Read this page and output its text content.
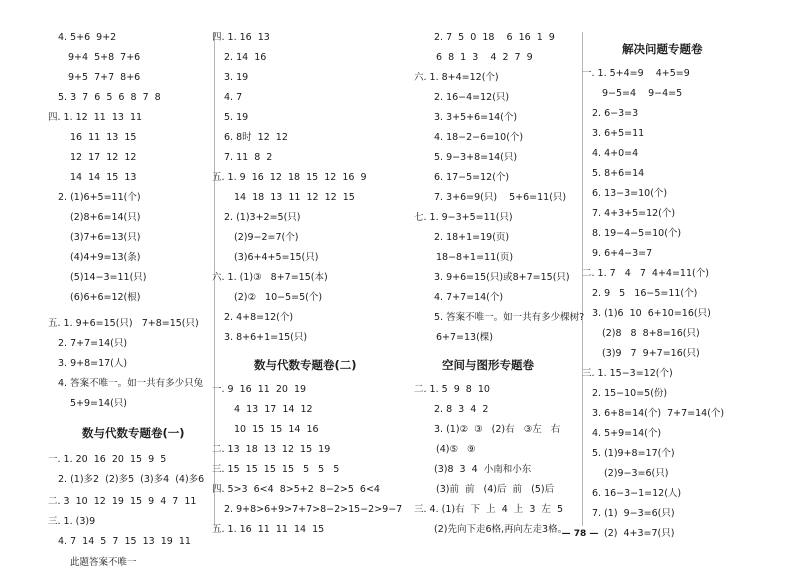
4. 5+6  9+2
9+4  5+8  7+6
9+5  7+7  8+6
5. 3  7  6  5  6  8  7  8
四. 1. 12  11  13  11
16  11  13  15
12  17  12  12
14  14  15  13
2. (1)6+5=11(个)
(2)8+6=14(只)
(3)7+6=13(只)
(4)4+9=13(条)
(5)14−3=11(只)
(6)6+6=12(根)
五. 1. 9+6=15(只)   7+8=15(只)
2. 7+7=14(只)
3. 9+8=17(人)
4. 答案不唯一。如一共有多少只兔
5+9=14(只)
数与代数专题卷(一)
一. 1. 20  16  20  15  9  5
2. (1)多2  (2)多5  (3)多4  (4)多6
二. 3  10  12  19  15  9  4  7  11
三. 1. (3)9
4. 7  14  5  7  15  13  19  11
此题答案不唯一
四. 1. 16  13
2. 14  16
3. 19
4. 7
5. 19
6. 8时  12  12
7. 11  8  2
五. 1. 9  16  12  18  15  12  16  9
14  18  13  11  12  12  15
2. (1)3+2=5(只)
(2)9−2=7(个)
(3)6+4+5=15(只)
六. 1. (1)③   8+7=15(本)
(2)②   10−5=5(个)
2. 4+8=12(个)
3. 8+6+1=15(只)
数与代数专题卷(二)
一. 9  16  11  20  19
4  13  17  14  12
10  15  15  14  16
二. 13  18  13  12  15  19
三. 15  15  15  15   5   5   5
四. 5>3  6<4  8>5+2  8−2>5  6<4
2. 9+8>6+9>7+7>8−2>15−2>9−7
五. 1. 16  11  11  14  15
2. 7  5  0  18    6  16  1  9
6  8  1  3    4  2  7  9
六. 1. 8+4=12(个)
2. 16−4=12(只)
3. 3+5+6=14(个)
4. 18−2−6=10(个)
5. 9−3+8=14(只)
6. 17−5=12(个)
7. 3+6=9(只)    5+6=11(只)
七. 1. 9−3+5=11(只)
2. 18+1=19(页)
18−8+1=11(页)
3. 9+6=15(只)或8+7=15(只)
4. 7+7=14(个)
5. 答案不唯一。如一共有多少棵树?
6+7=13(棵)
空间与图形专题卷
二. 1. 5  9  8  10
2. 8  3  4  2
3. (1)②  ③   (2)右   ③左   右
(4)⑤   ⑨
(3)8  3  4  小南和小东
(3)前  前   (4)后  前   (5)后
三. 4. (1)右  下  上  4  上  3  左  5
(2)先向下走6格,再向左走3格。
解决问题专题卷
一. 1. 5+4=9    4+5=9
9−5=4    9−4=5
2. 6−3=3
3. 6+5=11
4. 4+0=4
5. 8+6=14
6. 13−3=10(个)
7. 4+3+5=12(个)
8. 19−4−5=10(个)
9. 6+4−3=7
二. 1. 7   4   7  4+4=11(个)
2. 9   5   16−5=11(个)
3. (1)6  10  6+10=16(只)
(2)8   8  8+8=16(只)
(3)9   7  9+7=16(只)
三. 1. 15−3=12(个)
2. 15−10=5(份)
3. 6+8=14(个)  7+7=14(个)
4. 5+9=14(个)
5. (1)9+8=17(个)
(2)9−3=6(只)
6. 16−3−1=12(人)
7. (1)  9−3=6(只)
(2)  4+3=7(只)
— 78 —
